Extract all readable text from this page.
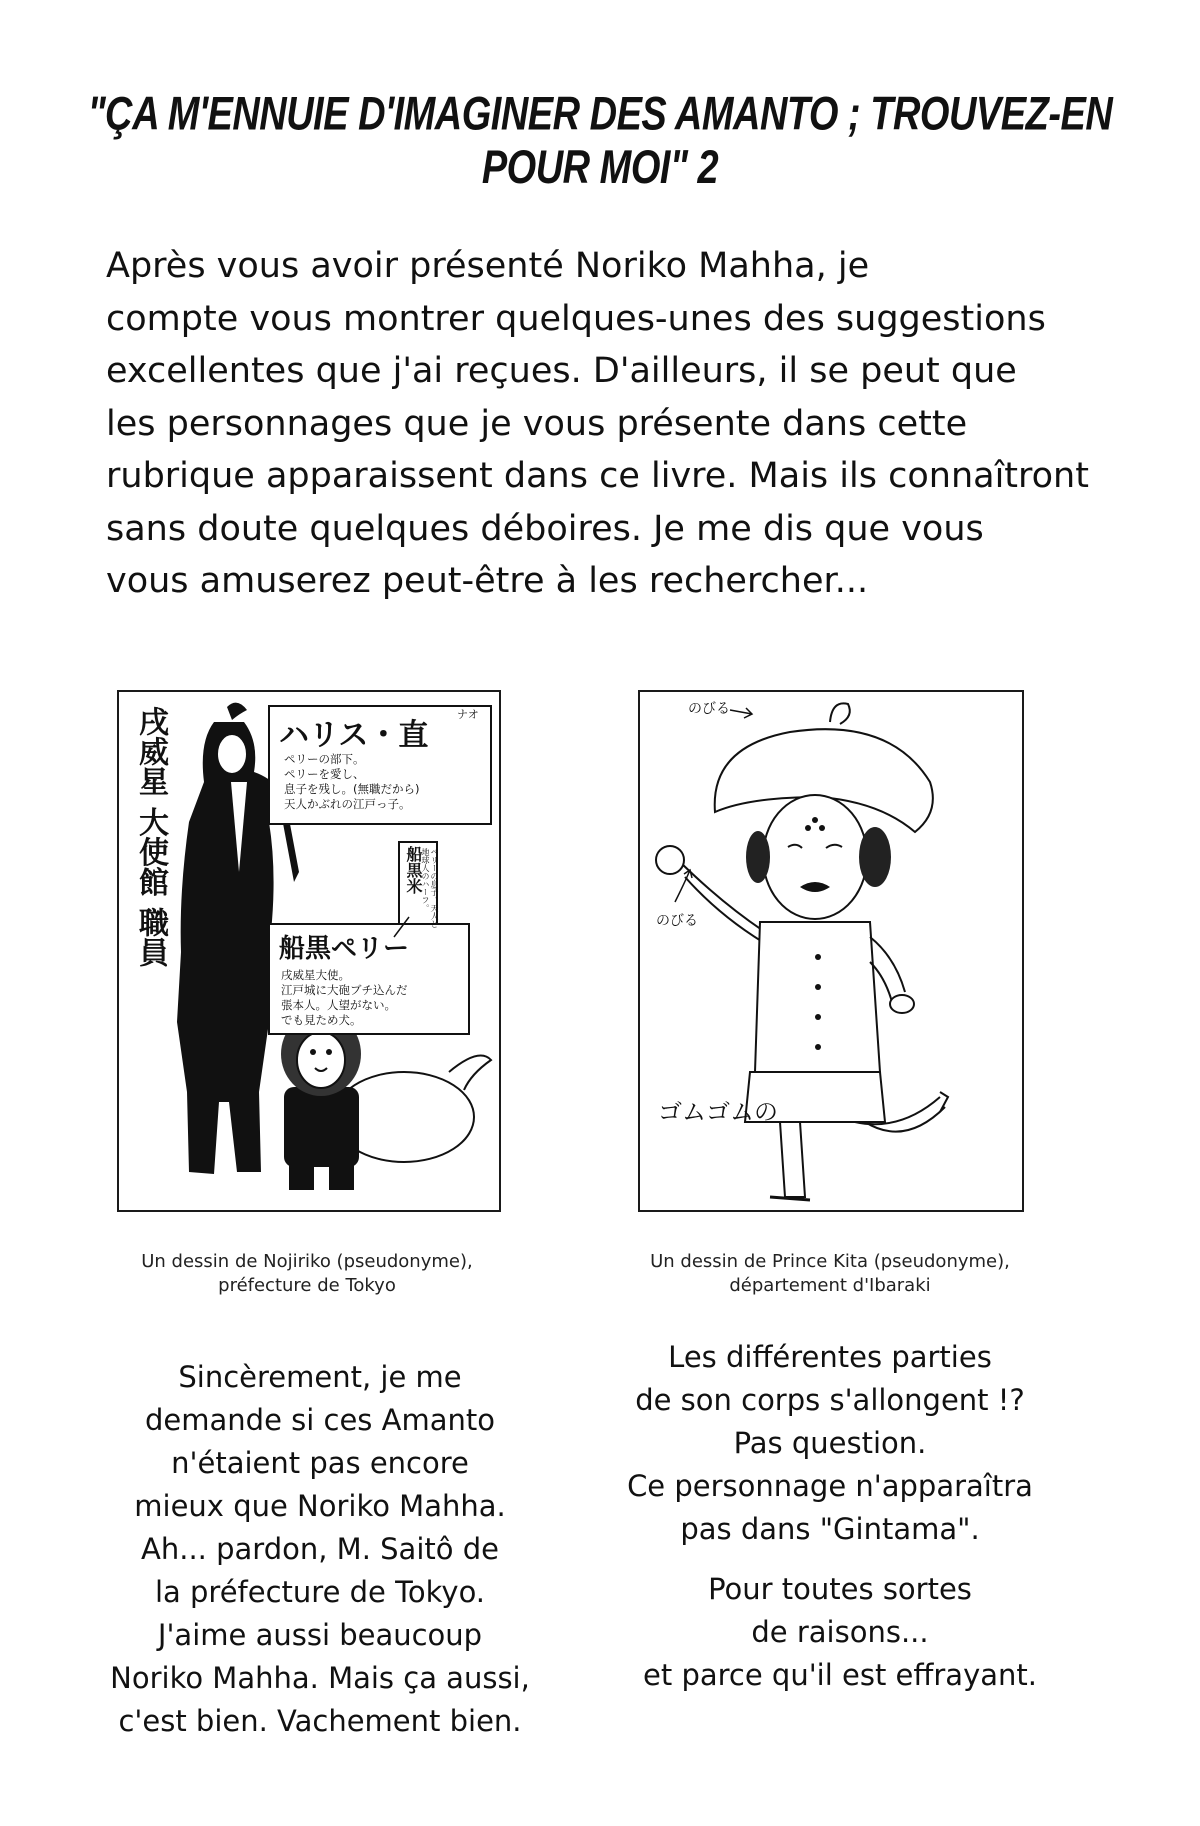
"ÇA M'ENNUIE D'IMAGINER DES AMANTO ; TROUVEZ-EN POUR MOI" 2
Après vous avoir présenté Noriko Mahha, je
compte vous montrer quelques-unes des suggestions
excellentes que j'ai reçues. D'ailleurs, il se peut que
les personnages que je vous présente dans cette
rubrique apparaissent dans ce livre. Mais ils connaîtront
sans doute quelques déboires. Je me dis que vous
vous amuserez peut-être à les rechercher...
戌威星 大使館 職員	ハリス・直
ナオ
ペリーの部下。
ペリーを愛し、
息子を残し。(無職だから)
天人かぶれの江戸っ子。
船黒米 ペリーの息子。天人と地球人のハーフ。
船黒ペリー
戌威星大使。
江戸城に大砲ブチ込んだ
張本人。人望がない。
でも見ため犬。
のびる
のびる
ゴムゴムの
Un dessin de Nojiriko (pseudonyme),
préfecture de Tokyo
Un dessin de Prince Kita (pseudonyme),
département d'Ibaraki
Sincèrement, je me
demande si ces Amanto
n'étaient pas encore
mieux que Noriko Mahha.
Ah... pardon, M. Saitô de
la préfecture de Tokyo.
J'aime aussi beaucoup
Noriko Mahha. Mais ça aussi,
c'est bien. Vachement bien.
Les différentes parties
de son corps s'allongent !?
Pas question.
Ce personnage n'apparaîtra
pas dans "Gintama".
Pour toutes sortes
de raisons...
et parce qu'il est effrayant.
